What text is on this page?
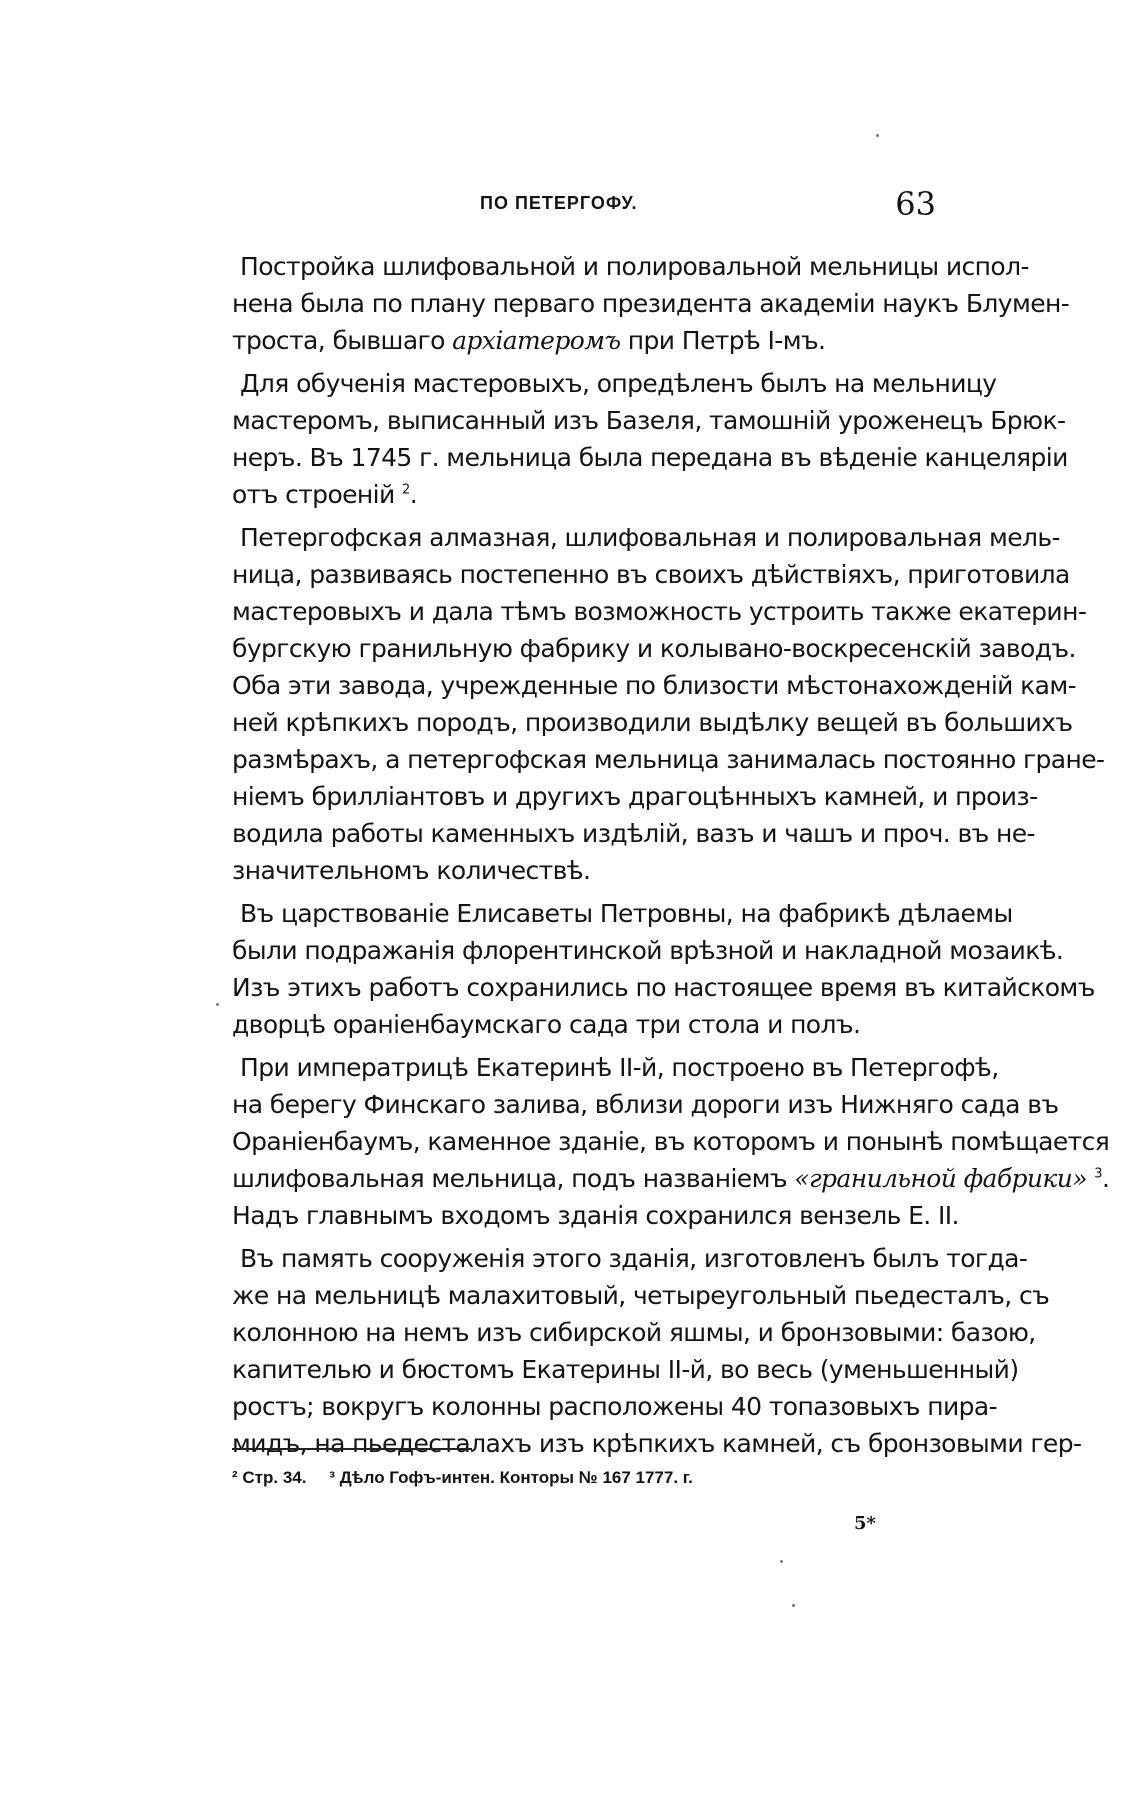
ПО ПЕТЕРГОФУ.	63
Постройка шлифовальной и полировальной мельницы испол-
нена была по плану перваго президента академіи наукъ Блумен-
троста, бывшаго архіатеромъ при Петрѣ I-мъ.
Для обученія мастеровыхъ, опредѣленъ былъ на мельницу
мастеромъ, выписанный изъ Базеля, тамошній уроженецъ Брюк-
неръ. Въ 1745 г. мельница была передана въ вѣденіе канцеляріи
отъ строеній $^2$.
Петергофская алмазная, шлифовальная и полировальная мель-
ница, развиваясь постепенно въ своихъ дѣйствіяхъ, приготовила
мастеровыхъ и дала тѣмъ возможность устроить также екатерин-
бургскую гранильную фабрику и колывано-воскресенскій заводъ.
Оба эти завода, учрежденные по близости мѣстонахожденій кам-
ней крѣпкихъ породъ, производили выдѣлку вещей въ большихъ
размѣрахъ, а петергофская мельница занималась постоянно гране-
ніемъ бриллiантовъ и другихъ драгоцѣнныхъ камней, и произ-
водила работы каменныхъ издѣлій, вазъ и чашъ и проч. въ не-
значительномъ количествѣ.
Въ царствованіе Елисаветы Петровны, на фабрикѣ дѣлаемы
были подражанія флорентинской врѣзной и накладной мозаикѣ.
Изъ этихъ работъ сохранились по настоящее время въ китайскомъ
дворцѣ ораніенбаумскаго сада три стола и полъ.
При императрицѣ Екатеринѣ II-й, построено въ Петергофѣ,
на берегу Финскаго залива, вблизи дороги изъ Нижняго сада въ
Ораніенбаумъ, каменное зданіе, въ которомъ и понынѣ помѣщается
шлифовальная мельница, подъ названіемъ «гранильной фабрики» $^3$.
Надъ главнымъ входомъ зданія сохранился вензель Е. II.
Въ память сооруженія этого зданія, изготовленъ былъ тогда-
же на мельницѣ малахитовый, четыреугольный пьедесталъ, съ
колонною на немъ изъ сибирской яшмы, и бронзовыми: базою,
капителью и бюстомъ Екатерины II-й, во весь (уменьшенный)
ростъ; вокругъ колонны расположены 40 топазовыхъ пира-
мидъ, на пьедесталахъ изъ крѣпкихъ камней, съ бронзовыми гер-
² Стр. 34. ³ Дѣло Гофъ-интен. Конторы № 167 1777. г.
5*
